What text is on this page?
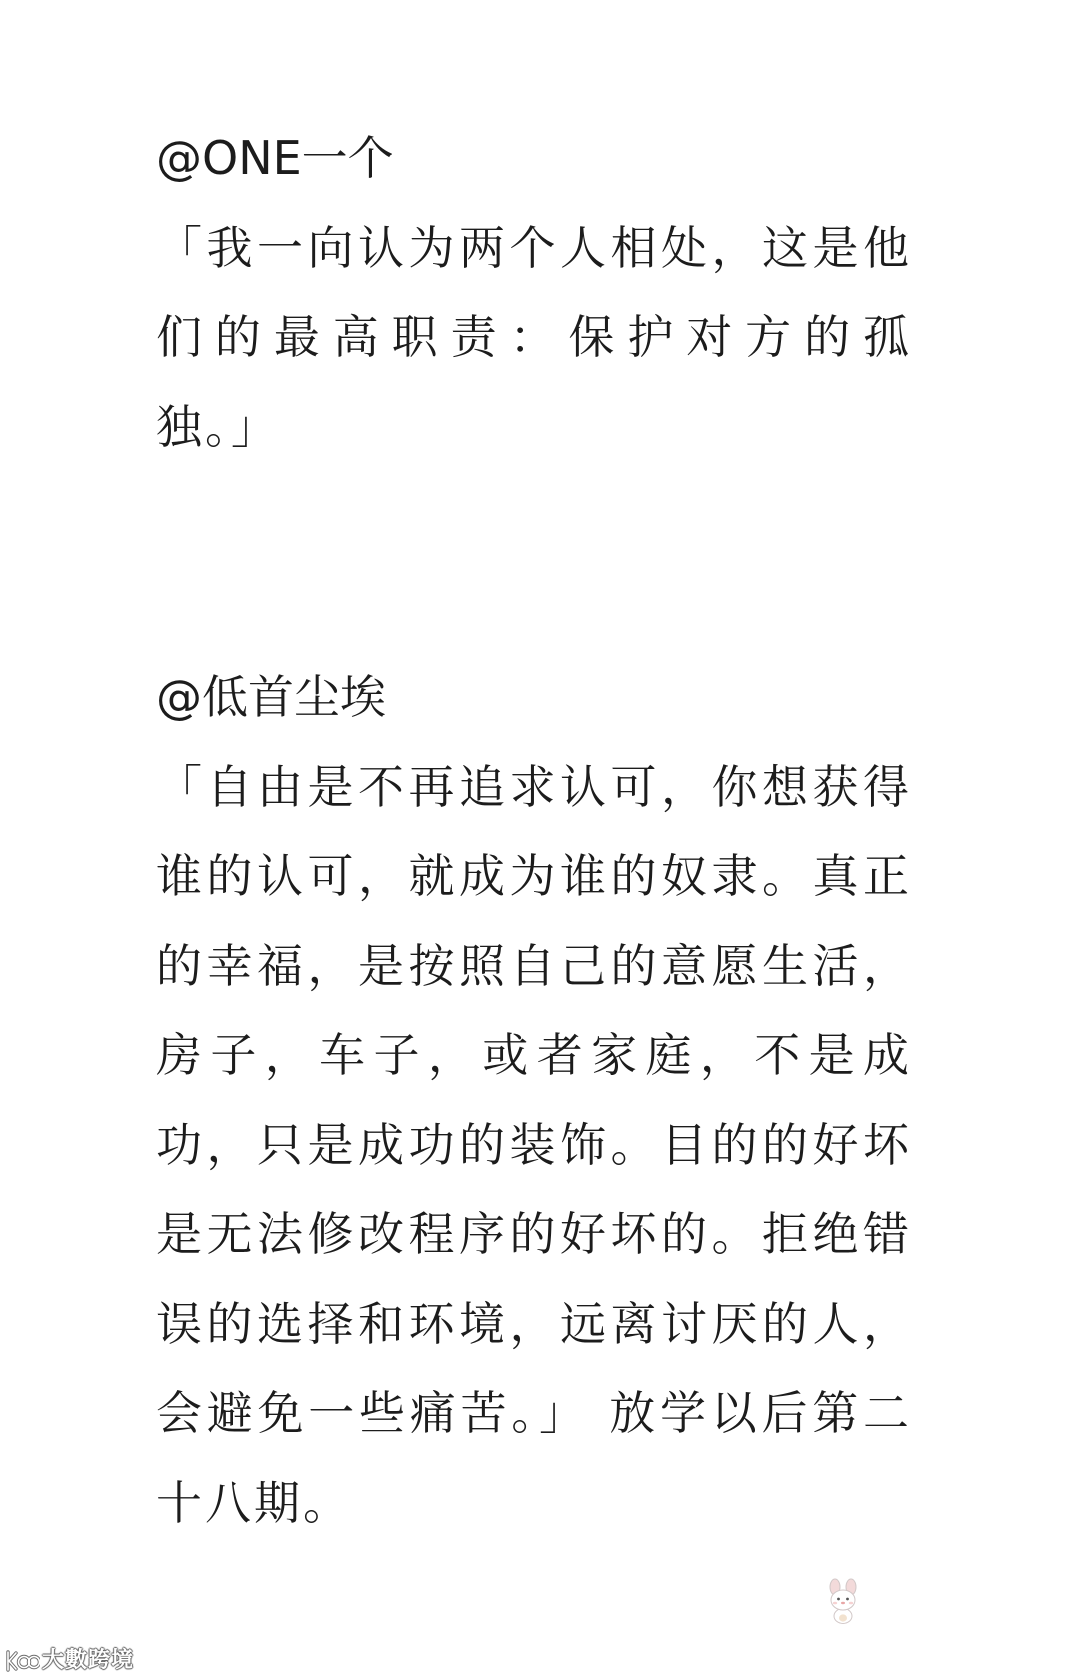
@ONE一个
「我一向认为两个人相处，这是他
们的最高职责：保护对方的孤
独。」
@低首尘埃
「自由是不再追求认可，你想获得
谁的认可，就成为谁的奴隶。真正
的幸福，是按照自己的意愿生活，
房子，车子，或者家庭，不是成
功，只是成功的装饰。目的的好坏
是无法修改程序的好坏的。拒绝错
误的选择和环境，远离讨厌的人，
会避免一些痛苦。」 放学以后第二
十八期。
大數跨境
